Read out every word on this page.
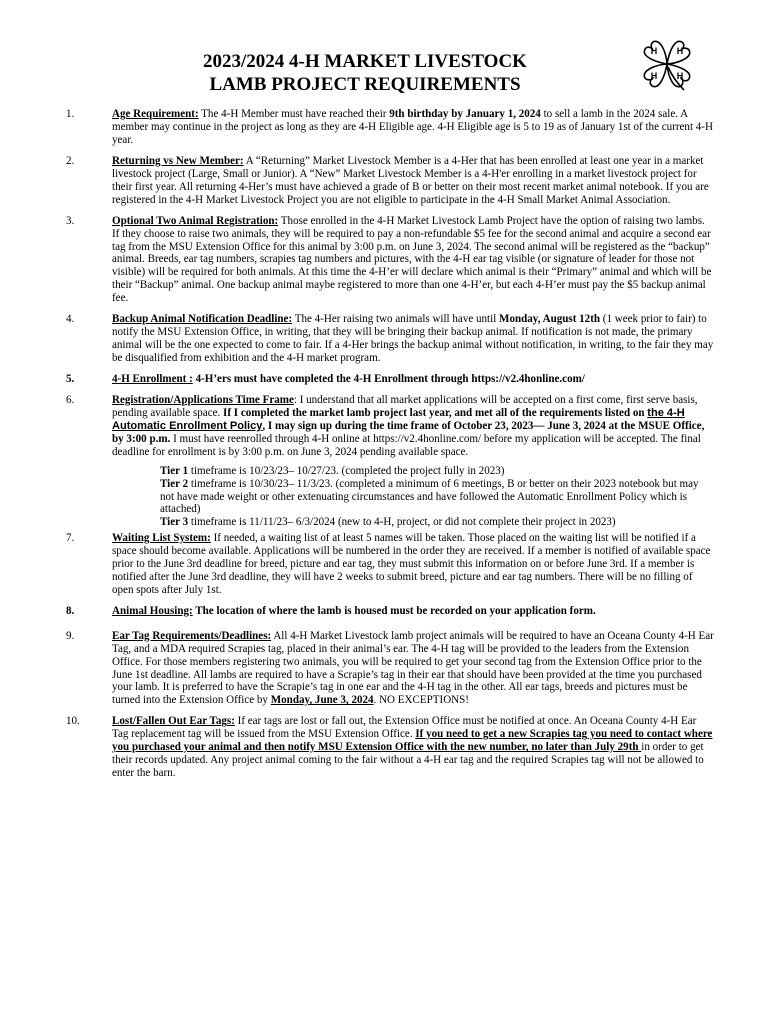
2023/2024 4-H MARKET LIVESTOCK
LAMB PROJECT REQUIREMENTS
H H
H H
1.	Age Requirement: The 4-H Member must have reached their 9th birthday by January 1, 2024 to sell a lamb in the 2024 sale. A member may continue in the project as long as they are 4-H Eligible age. 4-H Eligible age is 5 to 19 as of January 1st of the current 4-H year.
2.	Returning vs New Member: A “Returning” Market Livestock Member is a 4-Her that has been enrolled at least one year in a market livestock project (Large, Small or Junior). A “New” Market Livestock Member is a 4-H'er enrolling in a market livestock project for their first year. All returning 4-Her’s must have achieved a grade of B or better on their most recent market animal notebook. If you are registered in the 4-H Market Livestock Project you are not eligible to participate in the 4-H Small Market Animal Association.
3.	Optional Two Animal Registration: Those enrolled in the 4-H Market Livestock Lamb Project have the option of raising two lambs. If they choose to raise two animals, they will be required to pay a non-refundable $5 fee for the second animal and acquire a second ear tag from the MSU Extension Office for this animal by 3:00 p.m. on June 3, 2024. The second animal will be registered as the “backup” animal. Breeds, ear tag numbers, scrapies tag numbers and pictures, with the 4-H ear tag visible (or signature of leader for those not visible) will be required for both animals. At this time the 4-H’er will declare which animal is their “Primary” animal and which will be their “Backup” animal. One backup animal maybe registered to more than one 4-H’er, but each 4-H’er must pay the $5 backup animal fee.
4.	Backup Animal Notification Deadline: The 4-Her raising two animals will have until Monday, August 12th (1 week prior to fair) to notify the MSU Extension Office, in writing, that they will be bringing their backup animal. If notification is not made, the primary animal will be the one expected to come to fair. If a 4-Her brings the backup animal without notification, in writing, to the fair they may be disqualified from exhibition and the 4-H market program.
5.	4-H Enrollment : 4-H’ers must have completed the 4-H Enrollment through https://v2.4honline.com/
6.	Registration/Applications Time Frame: I understand that all market applications will be accepted on a first come, first serve basis, pending available space. If I completed the market lamb project last year, and met all of the requirements listed on the 4-H Automatic Enrollment Policy, I may sign up during the time frame of October 23, 2023— June 3, 2024 at the MSUE Office, by 3:00 p.m. I must have reenrolled through 4-H online at https://v2.4honline.com/ before my application will be accepted. The final deadline for enrollment is by 3:00 p.m. on June 3, 2024 pending available space.
Tier 1 timeframe is 10/23/23– 10/27/23. (completed the project fully in 2023)
Tier 2 timeframe is 10/30/23– 11/3/23. (completed a minimum of 6 meetings, B or better on their 2023 notebook but may not have made weight or other extenuating circumstances and have followed the Automatic Enrollment Policy which is attached)
Tier 3 timeframe is 11/11/23– 6/3/2024 (new to 4-H, project, or did not complete their project in 2023)
7.	Waiting List System: If needed, a waiting list of at least 5 names will be taken. Those placed on the waiting list will be notified if a space should become available. Applications will be numbered in the order they are received. If a member is notified of available space prior to the June 3rd deadline for breed, picture and ear tag, they must submit this information on or before June 3rd. If a member is notified after the June 3rd deadline, they will have 2 weeks to submit breed, picture and ear tag numbers. There will be no filling of open spots after July 1st.
8.	Animal Housing: The location of where the lamb is housed must be recorded on your application form.
9.	Ear Tag Requirements/Deadlines: All 4-H Market Livestock lamb project animals will be required to have an Oceana County 4-H Ear Tag, and a MDA required Scrapies tag, placed in their animal’s ear. The 4-H tag will be provided to the leaders from the Extension Office. For those members registering two animals, you will be required to get your second tag from the Extension Office prior to the June 1st deadline. All lambs are required to have a Scrapie’s tag in their ear that should have been provided at the time you purchased your lamb. It is preferred to have the Scrapie’s tag in one ear and the 4-H tag in the other. All ear tags, breeds and pictures must be turned into the Extension Office by Monday, June 3, 2024. NO EXCEPTIONS!
10.	Lost/Fallen Out Ear Tags: If ear tags are lost or fall out, the Extension Office must be notified at once. An Oceana County 4-H Ear Tag replacement tag will be issued from the MSU Extension Office. If you need to get a new Scrapies tag you need to contact where you purchased your animal and then notify MSU Extension Office with the new number, no later than July 29th in order to get their records updated. Any project animal coming to the fair without a 4-H ear tag and the required Scrapies tag will not be allowed to enter the barn.
